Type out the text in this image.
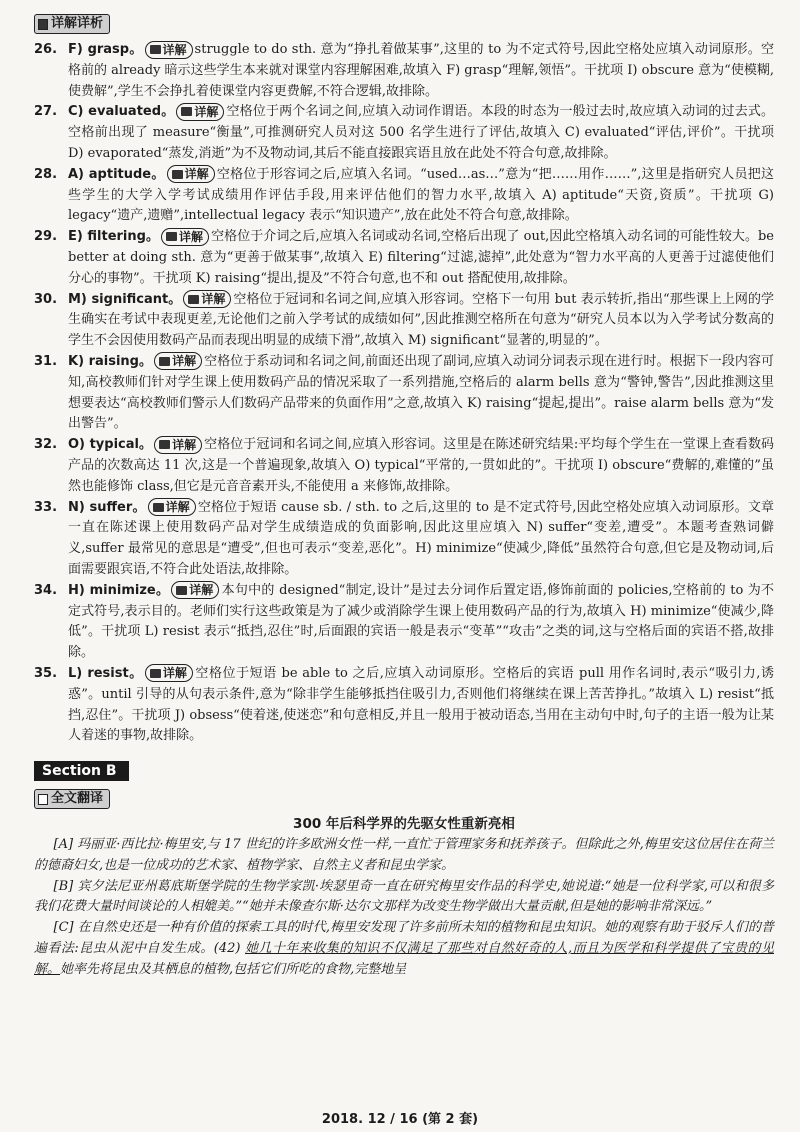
详解详析
26. F) grasp。 详解 struggle to do sth. 意为“挣扎着做某事”,这里的 to 为不定式符号,因此空格处应填入动词原形。空格前的 already 暗示这些学生本来就对课堂内容理解困难,故填入 F) grasp“理解,领悟”。干扰项 I) obscure 意为“使模糊,使费解”,学生不会挣扎着使课堂内容更费解,不符合逻辑,故排除。
27. C) evaluated。 详解 空格位于两个名词之间,应填入动词作谓语。本段的时态为一般过去时,故应填入动词的过去式。空格前出现了 measure“衡量”,可推测研究人员对这 500 名学生进行了评估,故填入 C) evaluated“评估,评价”。干扰项 D) evaporated“蒸发,消逝”为不及物动词,其后不能直接跟宾语且放在此处不符合句意,故排除。
28. A) aptitude。 详解 空格位于形容词之后,应填入名词。“used…as…”意为“把……用作……”,这里是指研究人员把这些学生的大学入学考试成绩用作评估手段,用来评估他们的智力水平,故填入 A) aptitude“天资,资质”。干扰项 G) legacy“遗产,遗赠”,intellectual legacy 表示“知识遗产”,放在此处不符合句意,故排除。
29. E) filtering。 详解 空格位于介词之后,应填入名词或动名词,空格后出现了 out,因此空格填入动名词的可能性较大。be better at doing sth. 意为“更善于做某事”,故填入 E) filtering“过滤,滤掉”,此处意为“智力水平高的人更善于过滤使他们分心的事物”。干扰项 K) raising“提出,提及”不符合句意,也不和 out 搭配使用,故排除。
30. M) significant。 详解 空格位于冠词和名词之间,应填入形容词。空格下一句用 but 表示转折,指出“那些课上上网的学生确实在考试中表现更差,无论他们之前入学考试的成绩如何”,因此推测空格所在句意为“研究人员本以为入学考试分数高的学生不会因使用数码产品而表现出明显的成绩下滑”,故填入 M) significant“显著的,明显的”。
31. K) raising。 详解 空格位于系动词和名词之间,前面还出现了副词,应填入动词分词表示现在进行时。根据下一段内容可知,高校教师们针对学生课上使用数码产品的情况采取了一系列措施,空格后的 alarm bells 意为“警钟,警告”,因此推测这里想要表达“高校教师们警示人们数码产品带来的负面作用”之意,故填入 K) raising“提起,提出”。raise alarm bells 意为“发出警告”。
32. O) typical。 详解 空格位于冠词和名词之间,应填入形容词。这里是在陈述研究结果:平均每个学生在一堂课上查看数码产品的次数高达 11 次,这是一个普遍现象,故填入 O) typical“平常的,一贯如此的”。干扰项 I) obscure“费解的,难懂的”虽然也能修饰 class,但它是元音音素开头,不能使用 a 来修饰,故排除。
33. N) suffer。 详解 空格位于短语 cause sb. / sth. to 之后,这里的 to 是不定式符号,因此空格处应填入动词原形。文章一直在陈述课上使用数码产品对学生成绩造成的负面影响,因此这里应填入 N) suffer“变差,遭受”。本题考查熟词僻义,suffer 最常见的意思是“遭受”,但也可表示“变差,恶化”。H) minimize“使减少,降低”虽然符合句意,但它是及物动词,后面需要跟宾语,不符合此处语法,故排除。
34. H) minimize。 详解 本句中的 designed“制定,设计”是过去分词作后置定语,修饰前面的 policies,空格前的 to 为不定式符号,表示目的。老师们实行这些政策是为了减少或消除学生课上使用数码产品的行为,故填入 H) minimize“使减少,降低”。干扰项 L) resist 表示“抵挡,忍住”时,后面跟的宾语一般是表示“变革”“攻击”之类的词,这与空格后面的宾语不搭,故排除。
35. L) resist。 详解 空格位于短语 be able to 之后,应填入动词原形。空格后的宾语 pull 用作名词时,表示“吸引力,诱惑”。until 引导的从句表示条件,意为“除非学生能够抵挡住吸引力,否则他们将继续在课上苦苦挣扎。”故填入 L) resist“抵挡,忍住”。干扰项 J) obsess“使着迷,使迷恋”和句意相反,并且一般用于被动语态,当用在主动句中时,句子的主语一般为让某人着迷的事物,故排除。
Section B

全文翻译
300 年后科学界的先驱女性重新亮相

[A] 玛丽亚·西比拉·梅里安,与 17 世纪的许多欧洲女性一样,一直忙于管理家务和抚养孩子。但除此之外,梅里安这位居住在荷兰的德裔妇女,也是一位成功的艺术家、植物学家、自然主义者和昆虫学家。

[B] 宾夕法尼亚州葛底斯堡学院的生物学家凯·埃瑟里奇一直在研究梅里安作品的科学史,她说道:“她是一位科学家,可以和很多我们花费大量时间谈论的人相媲美。”“她并未像查尔斯·达尔文那样为改变生物学做出大量贡献,但是她的影响非常深远。”

[C] 在自然史还是一种有价值的探索工具的时代,梅里安发现了许多前所未知的植物和昆虫知识。她的观察有助于驳斥人们的普遍看法:昆虫从泥中自发生成。(42) 她几十年来收集的知识不仅满足了那些对自然好奇的人,而且为医学和科学提供了宝贵的见解。她率先将昆虫及其栖息的植物,包括它们所吃的食物,完整地呈

2018. 12 / 16 (第 2 套)
